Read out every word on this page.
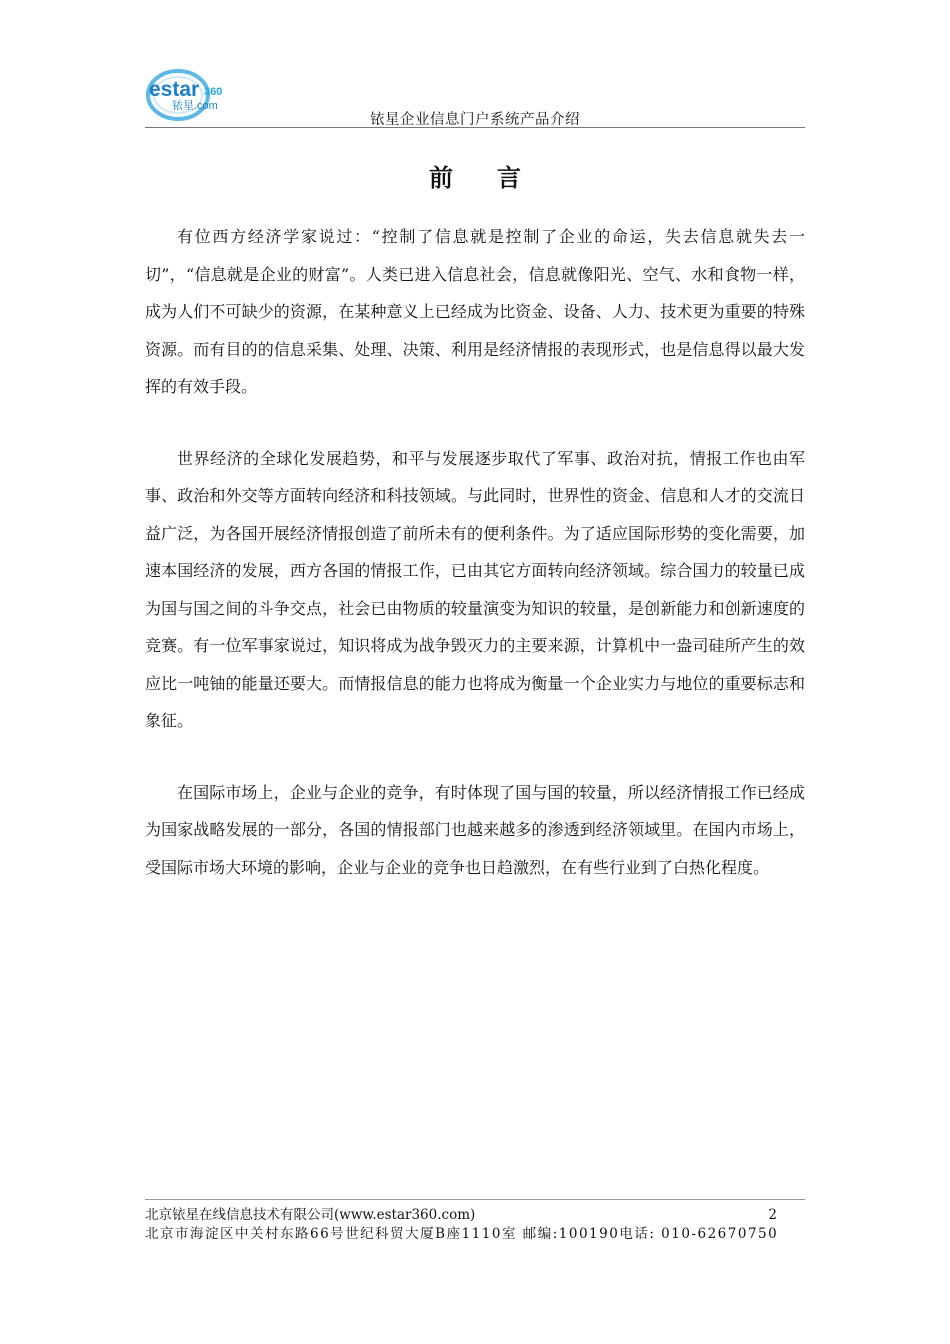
estar 360
铱星.com
铱星企业信息门户系统产品介绍
前言

有位西方经济学家说过：“控制了信息就是控制了企业的命运，失去信息就失去一切”，“信息就是企业的财富”。人类已进入信息社会，信息就像阳光、空气、水和食物一样，成为人们不可缺少的资源，在某种意义上已经成为比资金、设备、人力、技术更为重要的特殊资源。而有目的的信息采集、处理、决策、利用是经济情报的表现形式，也是信息得以最大发挥的有效手段。

世界经济的全球化发展趋势，和平与发展逐步取代了军事、政治对抗，情报工作也由军事、政治和外交等方面转向经济和科技领域。与此同时，世界性的资金、信息和人才的交流日益广泛，为各国开展经济情报创造了前所未有的便利条件。为了适应国际形势的变化需要，加速本国经济的发展，西方各国的情报工作，已由其它方面转向经济领域。综合国力的较量已成为国与国之间的斗争交点，社会已由物质的较量演变为知识的较量，是创新能力和创新速度的竞赛。有一位军事家说过，知识将成为战争毁灭力的主要来源，计算机中一盎司硅所产生的效应比一吨铀的能量还要大。而情报信息的能力也将成为衡量一个企业实力与地位的重要标志和象征。

在国际市场上，企业与企业的竞争，有时体现了国与国的较量，所以经济情报工作已经成为国家战略发展的一部分，各国的情报部门也越来越多的渗透到经济领域里。在国内市场上，受国际市场大环境的影响，企业与企业的竞争也日趋激烈，在有些行业到了白热化程度。

北京铱星在线信息技术有限公司(www.estar360.com)	2
北京市海淀区中关村东路66号世纪科贸大厦B座1110室 邮编:100190电话: 010-62670750
